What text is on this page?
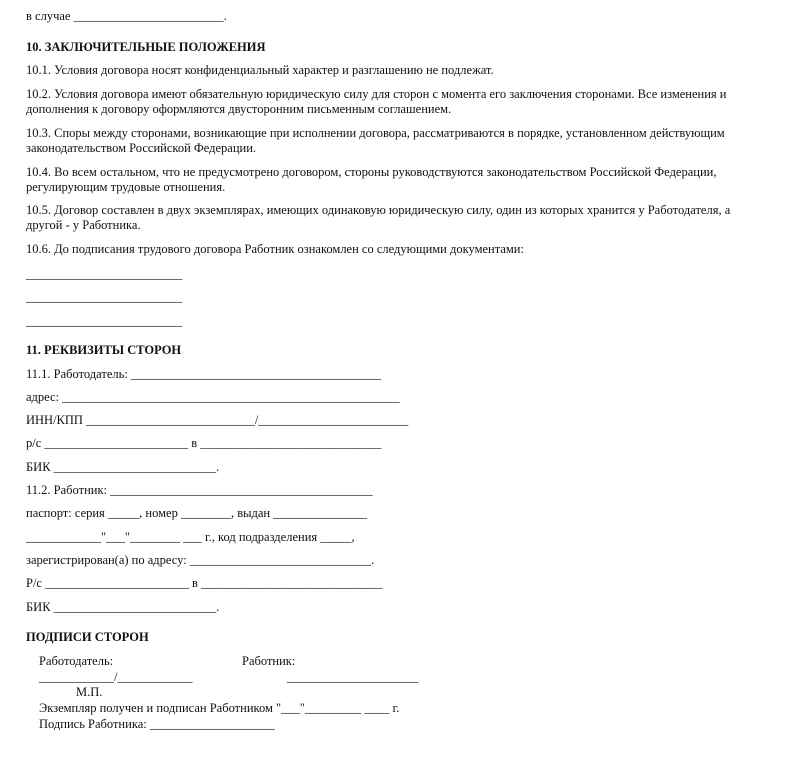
в случае ________________________.
10. ЗАКЛЮЧИТЕЛЬНЫЕ ПОЛОЖЕНИЯ
10.1. Условия договора носят конфиденциальный характер и разглашению не подлежат.
10.2. Условия договора имеют обязательную юридическую силу для сторон с момента его заключения сторонами. Все изменения и дополнения к договору оформляются двусторонним письменным соглашением.
10.3. Споры между сторонами, возникающие при исполнении договора, рассматриваются в порядке, установленном действующим законодательством Российской Федерации.
10.4. Во всем остальном, что не предусмотрено договором, стороны руководствуются законодательством Российской Федерации, регулирующим трудовые отношения.
10.5. Договор составлен в двух экземплярах, имеющих одинаковую юридическую силу, один из которых хранится у Работодателя, а другой - у Работника.
10.6. До подписания трудового договора Работник ознакомлен со следующими документами:
_________________________
_________________________
_________________________
11. РЕКВИЗИТЫ СТОРОН
11.1. Работодатель: ________________________________________
адрес: ______________________________________________________
ИНН/КПП ___________________________/________________________
р/с _______________________ в _____________________________
БИК __________________________.
11.2. Работник: __________________________________________
паспорт: серия _____, номер ________, выдан _______________
____________"___"________ ___ г., код подразделения _____,
зарегистрирован(а) по адресу: _____________________________.
Р/с _______________________ в _____________________________
БИК __________________________.
ПОДПИСИ СТОРОН
Работодатель:	Работник:
____________/____________	_____________________
М.П.
Экземпляр получен и подписан Работником "___"_________ ____ г.
Подпись Работника: ____________________
